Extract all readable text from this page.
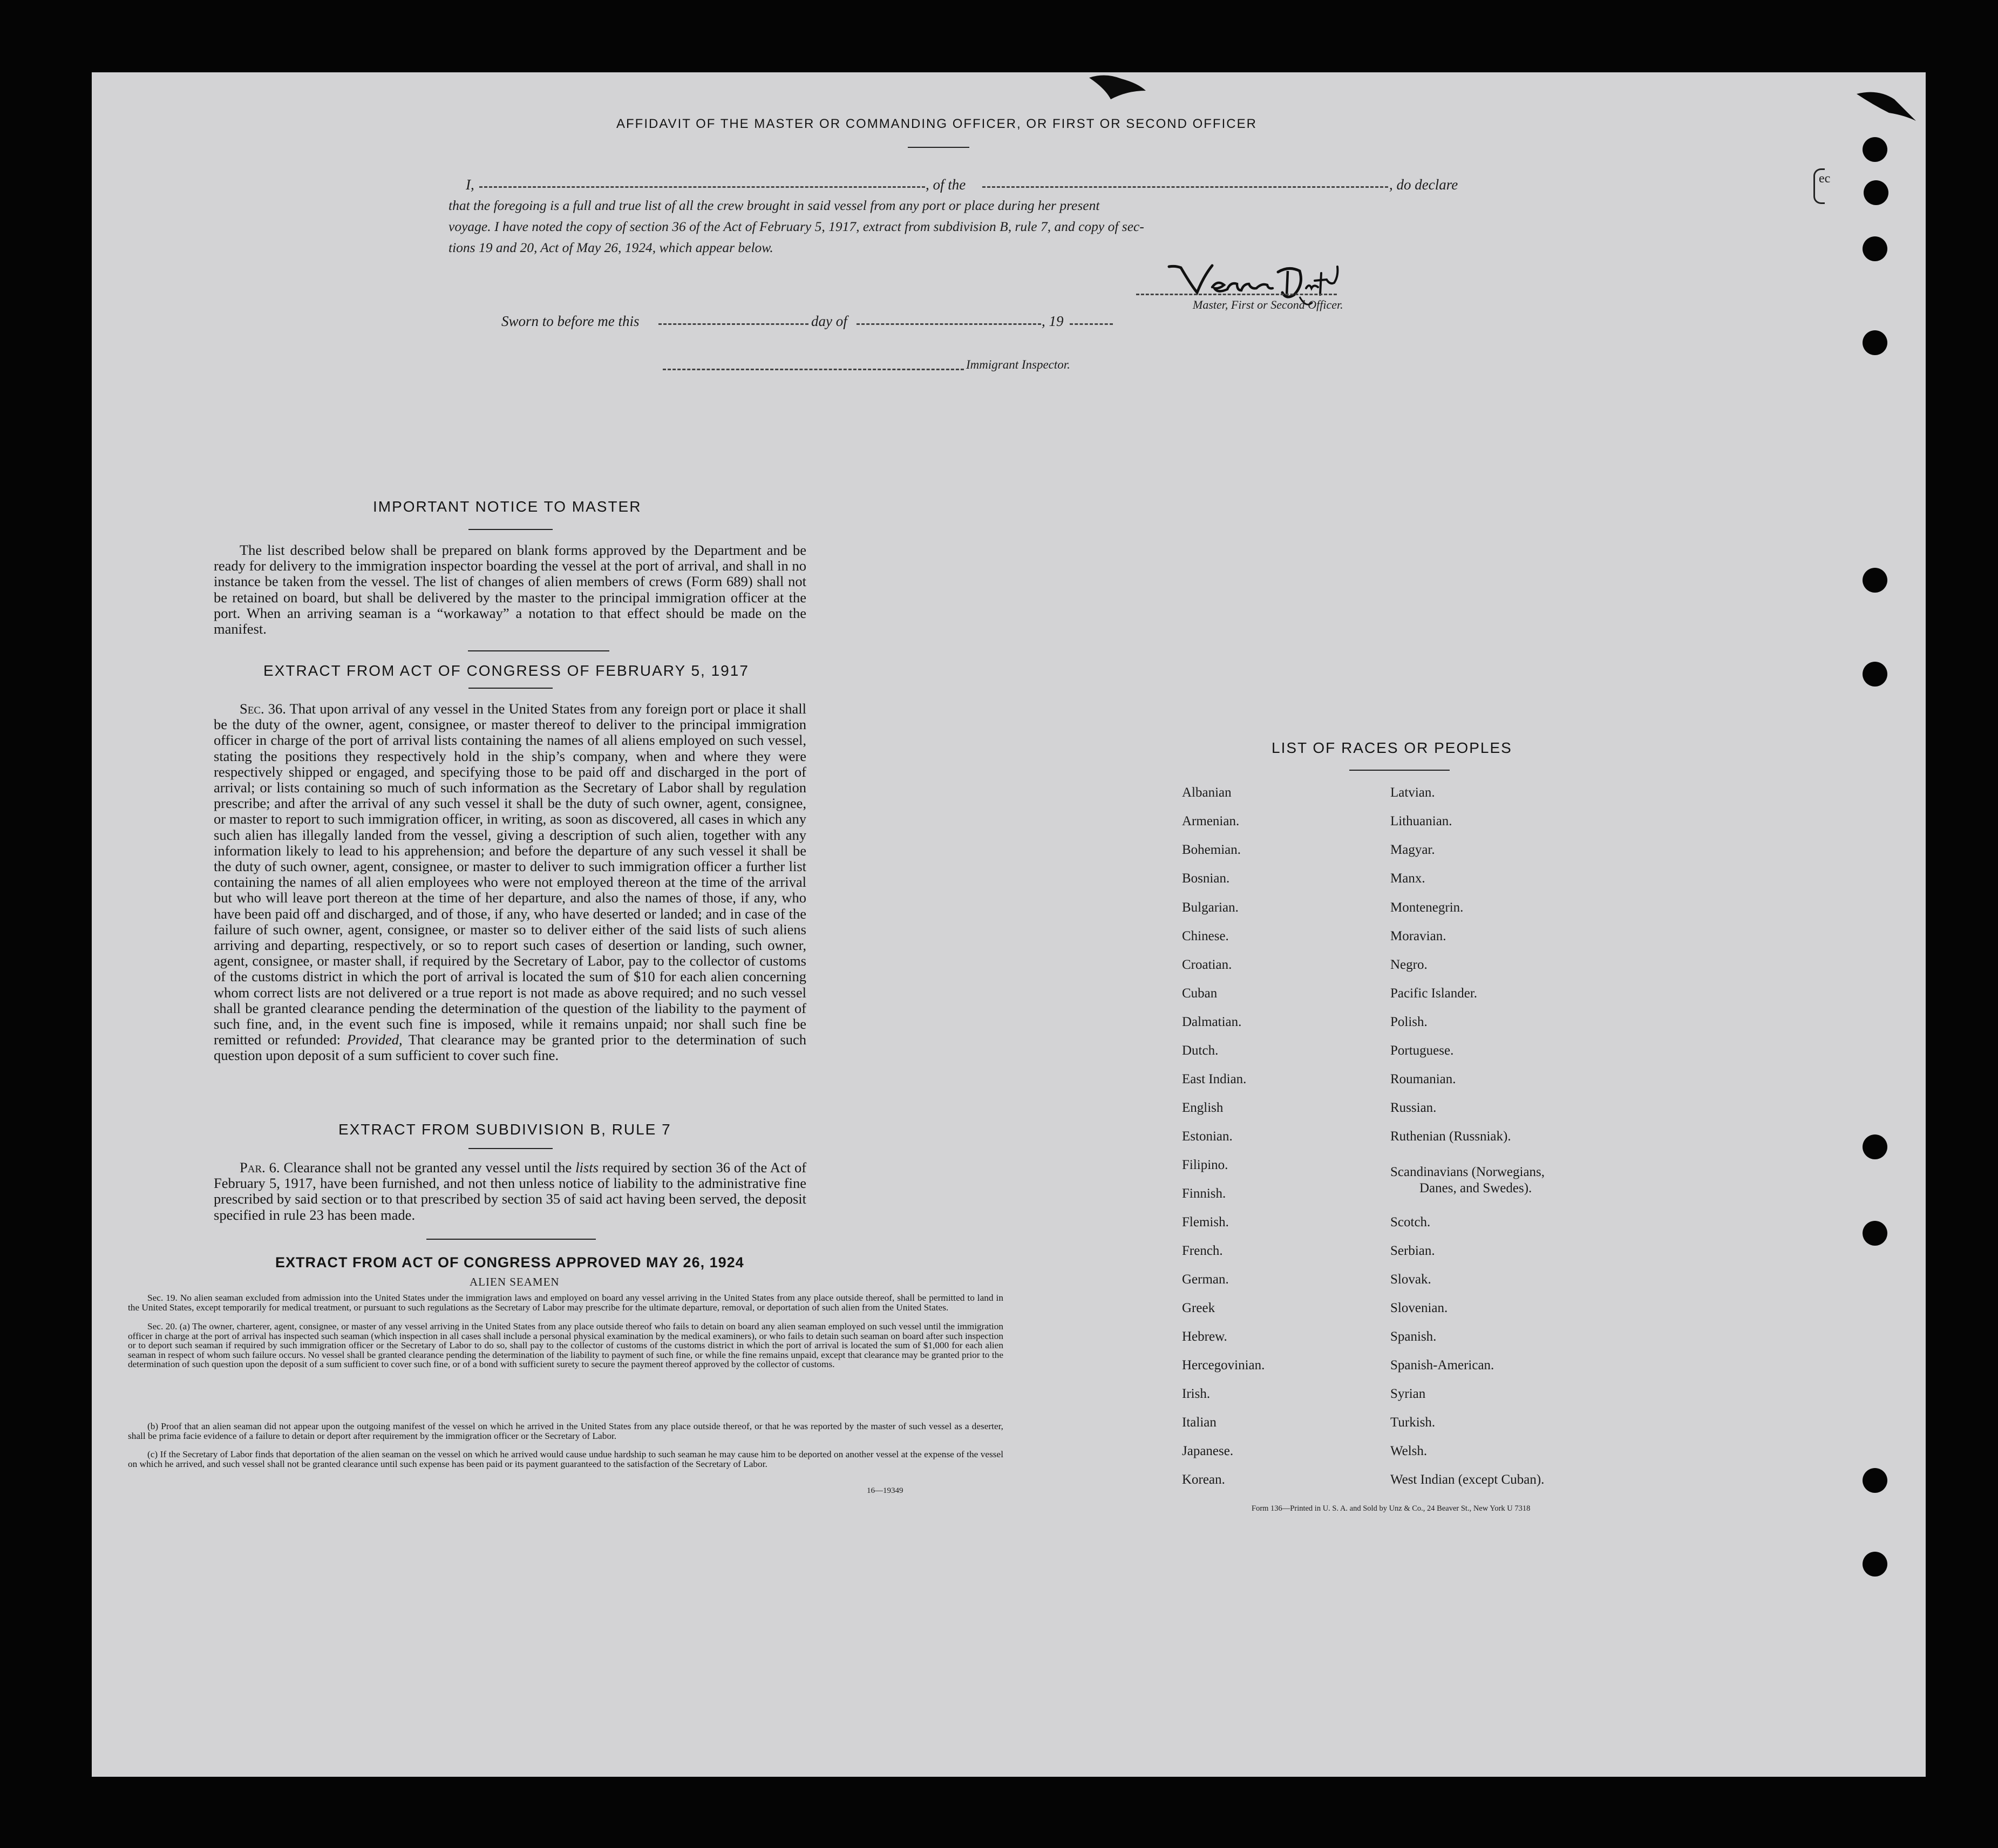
AFFIDAVIT OF THE MASTER OR COMMANDING OFFICER, OR FIRST OR SECOND OFFICER
I,	, of the	, do declare
that the foregoing is a full and true list of all the crew brought in said vessel from any port or place during her present
voyage. I have noted the copy of section 36 of the Act of February 5, 1917, extract from subdivision B, rule 7, and copy of sec-
tions 19 and 20, Act of May 26, 1924, which appear below.
Master, First or Second Officer.
Sworn to before me this	day of	, 19
Immigrant Inspector.
IMPORTANT NOTICE TO MASTER
The list described below shall be prepared on blank forms approved by the Department and be ready for delivery to the immigration inspector boarding the vessel at the port of arrival, and shall in no instance be taken from the vessel. The list of changes of alien members of crews (Form 689) shall not be retained on board, but shall be delivered by the master to the principal immigration officer at the port. When an arriving seaman is a “workaway” a notation to that effect should be made on the manifest.
EXTRACT FROM ACT OF CONGRESS OF FEBRUARY 5, 1917
Sec. 36. That upon arrival of any vessel in the United States from any foreign port or place it shall be the duty of the owner, agent, consignee, or master thereof to deliver to the principal immigration officer in charge of the port of arrival lists containing the names of all aliens employed on such vessel, stating the positions they respectively hold in the ship’s company, when and where they were respectively shipped or engaged, and specifying those to be paid off and discharged in the port of arrival; or lists containing so much of such information as the Secretary of Labor shall by regulation prescribe; and after the arrival of any such vessel it shall be the duty of such owner, agent, consignee, or master to report to such immigration officer, in writing, as soon as discovered, all cases in which any such alien has illegally landed from the vessel, giving a description of such alien, together with any information likely to lead to his apprehension; and before the departure of any such vessel it shall be the duty of such owner, agent, consignee, or master to deliver to such immigration officer a further list containing the names of all alien employees who were not employed thereon at the time of the arrival but who will leave port thereon at the time of her departure, and also the names of those, if any, who have been paid off and discharged, and of those, if any, who have deserted or landed; and in case of the failure of such owner, agent, consignee, or master so to deliver either of the said lists of such aliens arriving and departing, respectively, or so to report such cases of desertion or landing, such owner, agent, consignee, or master shall, if required by the Secretary of Labor, pay to the collector of customs of the customs district in which the port of arrival is located the sum of $10 for each alien concerning whom correct lists are not delivered or a true report is not made as above required; and no such vessel shall be granted clearance pending the determination of the question of the liability to the payment of such fine, and, in the event such fine is imposed, while it remains unpaid; nor shall such fine be remitted or refunded: Provided, That clearance may be granted prior to the determination of such question upon deposit of a sum sufficient to cover such fine.
EXTRACT FROM SUBDIVISION B, RULE 7
Par. 6. Clearance shall not be granted any vessel until the lists required by section 36 of the Act of February 5, 1917, have been furnished, and not then unless notice of liability to the administrative fine prescribed by said section or to that prescribed by section 35 of said act having been served, the deposit specified in rule 23 has been made.
EXTRACT FROM ACT OF CONGRESS APPROVED MAY 26, 1924
ALIEN SEAMEN
Sec. 19. No alien seaman excluded from admission into the United States under the immigration laws and employed on board any vessel arriving in the United States from any place outside thereof, shall be permitted to land in the United States, except temporarily for medical treatment, or pursuant to such regulations as the Secretary of Labor may prescribe for the ultimate departure, removal, or deportation of such alien from the United States.
Sec. 20. (a) The owner, charterer, agent, consignee, or master of any vessel arriving in the United States from any place outside thereof who fails to detain on board any alien seaman employed on such vessel until the immigration officer in charge at the port of arrival has inspected such seaman (which inspection in all cases shall include a personal physical examination by the medical examiners), or who fails to detain such seaman on board after such inspection or to deport such seaman if required by such immigration officer or the Secretary of Labor to do so, shall pay to the collector of customs of the customs district in which the port of arrival is located the sum of $1,000 for each alien seaman in respect of whom such failure occurs. No vessel shall be granted clearance pending the determination of the liability to payment of such fine, or while the fine remains unpaid, except that clearance may be granted prior to the determination of such question upon the deposit of a sum sufficient to cover such fine, or of a bond with sufficient surety to secure the payment thereof approved by the collector of customs.
(b) Proof that an alien seaman did not appear upon the outgoing manifest of the vessel on which he arrived in the United States from any place outside thereof, or that he was reported by the master of such vessel as a deserter, shall be prima facie evidence of a failure to detain or deport after requirement by the immigration officer or the Secretary of Labor.
(c) If the Secretary of Labor finds that deportation of the alien seaman on the vessel on which he arrived would cause undue hardship to such seaman he may cause him to be deported on another vessel at the expense of the vessel on which he arrived, and such vessel shall not be granted clearance until such expense has been paid or its payment guaranteed to the satisfaction of the Secretary of Labor.
16—19349
LIST OF RACES OR PEOPLES
Albanian
Armenian.
Bohemian.
Bosnian.
Bulgarian.
Chinese.
Croatian.
Cuban
Dalmatian.
Dutch.
East Indian.
English
Estonian.
Filipino.
Finnish.
Flemish.
French.
German.
Greek
Hebrew.
Hercegovinian.
Irish.
Italian
Japanese.
Korean.
Latvian.
Lithuanian.
Magyar.
Manx.
Montenegrin.
Moravian.
Negro.
Pacific Islander.
Polish.
Portuguese.
Roumanian.
Russian.
Ruthenian (Russniak).
Scandinavians (Norwegians,
Danes, and Swedes).
Scotch.
Serbian.
Slovak.
Slovenian.
Spanish.
Spanish-American.
Syrian
Turkish.
Welsh.
West Indian (except Cuban).
Form 136—Printed in U. S. A. and Sold by Unz & Co., 24 Beaver St., New York U 7318
ec
